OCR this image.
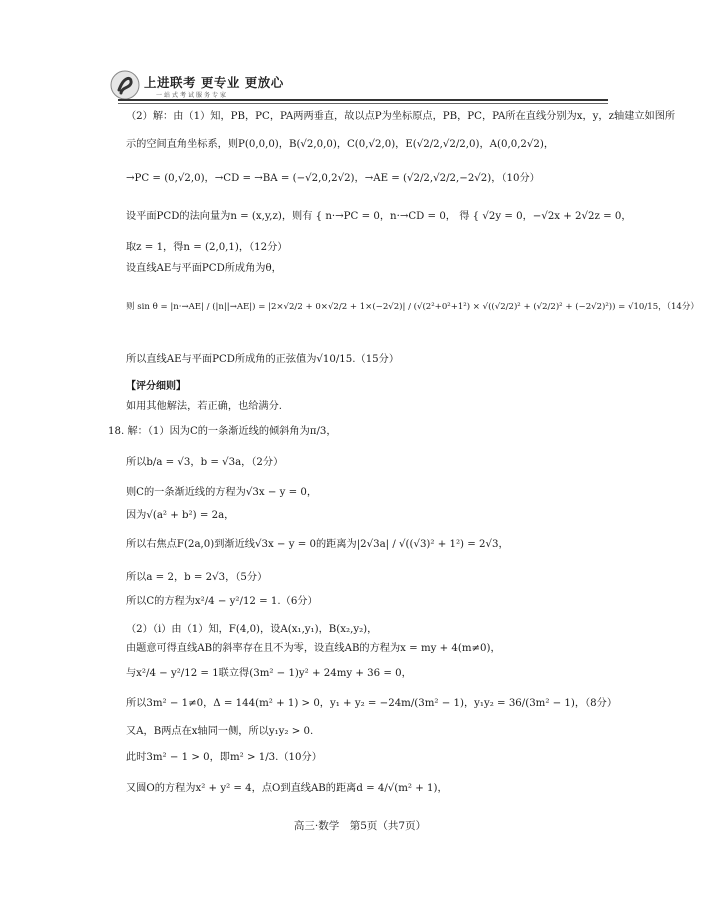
上进联考 更专业 更放心
一站式考试服务专家
（2）解：由（1）知，PB，PC，PA两两垂直，故以点P为坐标原点，PB，PC，PA所在直线分别为x，y，z轴建立如图所
示的空间直角坐标系，则P(0,0,0)，B(√2,0,0)，C(0,√2,0)，E(√2/2,√2/2,0)，A(0,0,2√2)，
→PC = (0,√2,0)，→CD = →BA = (−√2,0,2√2)，→AE = (√2/2,√2/2,−2√2)，（10分）
设平面PCD的法向量为n = (x,y,z)，则有 { n·→PC = 0，n·→CD = 0， 得 { √2y = 0，−√2x + 2√2z = 0，
取z = 1，得n = (2,0,1)，（12分）
设直线AE与平面PCD所成角为θ，
则 sin θ = |n·→AE| / (|n||→AE|) = |2×√2/2 + 0×√2/2 + 1×(−2√2)| / (√(2²+0²+1²) × √((√2/2)² + (√2/2)² + (−2√2)²)) = √10/15，（14分）
所以直线AE与平面PCD所成角的正弦值为√10/15.（15分）
【评分细则】
如用其他解法，若正确，也给满分.
18. 解：（1）因为C的一条渐近线的倾斜角为π/3，
所以b/a = √3，b = √3a，（2分）
则C的一条渐近线的方程为√3x − y = 0，
因为√(a² + b²) = 2a，
所以右焦点F(2a,0)到渐近线√3x − y = 0的距离为|2√3a| / √((√3)² + 1²) = 2√3，
所以a = 2，b = 2√3，（5分）
所以C的方程为x²/4 − y²/12 = 1.（6分）
（2）（i）由（1）知，F(4,0)，设A(x₁,y₁)，B(x₂,y₂)，
由题意可得直线AB的斜率存在且不为零，设直线AB的方程为x = my + 4(m≠0)，
与x²/4 − y²/12 = 1联立得(3m² − 1)y² + 24my + 36 = 0，
所以3m² − 1≠0，Δ = 144(m² + 1) > 0，y₁ + y₂ = −24m/(3m² − 1)，y₁y₂ = 36/(3m² − 1)，（8分）
又A，B两点在x轴同一侧，所以y₁y₂ > 0.
此时3m² − 1 > 0，即m² > 1/3.（10分）
又圆O的方程为x² + y² = 4，点O到直线AB的距离d = 4/√(m² + 1)，
高三·数学　第5页（共7页）
